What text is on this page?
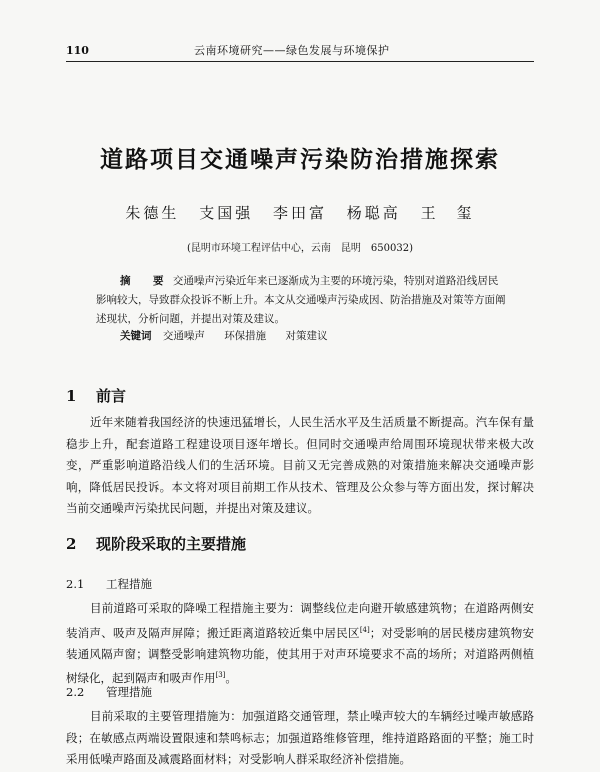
110	云南环境研究——绿色发展与环境保护
道路项目交通噪声污染防治措施探索
朱德生 支国强 李田富 杨聪高 王　玺
(昆明市环境工程评估中心，云南　昆明　650032)
摘　要 交通噪声污染近年来已逐渐成为主要的环境污染，特别对道路沿线居民影响较大，导致群众投诉不断上升。本文从交通噪声污染成因、防治措施及对策等方面阐述现状，分析问题，并提出对策及建议。
关键词 交通噪声 环保措施 对策建议
1 前言
近年来随着我国经济的快速迅猛增长，人民生活水平及生活质量不断提高。汽车保有量稳步上升，配套道路工程建设项目逐年增长。但同时交通噪声给周围环境现状带来极大改变，严重影响道路沿线人们的生活环境。目前又无完善成熟的对策措施来解决交通噪声影响，降低居民投诉。本文将对项目前期工作从技术、管理及公众参与等方面出发，探讨解决当前交通噪声污染扰民问题，并提出对策及建议。
2 现阶段采取的主要措施
2.1 工程措施
目前道路可采取的降噪工程措施主要为：调整线位走向避开敏感建筑物；在道路两侧安装消声、吸声及隔声屏障；搬迁距离道路较近集中居民区[4]；对受影响的居民楼房建筑物安装通风隔声窗；调整受影响建筑物功能，使其用于对声环境要求不高的场所；对道路两侧植树绿化，起到隔声和吸声作用[3]。
2.2 管理措施
目前采取的主要管理措施为：加强道路交通管理，禁止噪声较大的车辆经过噪声敏感路段；在敏感点两端设置限速和禁鸣标志；加强道路维修管理，维持道路路面的平整；施工时采用低噪声路面及减震路面材料；对受影响人群采取经济补偿措施。
